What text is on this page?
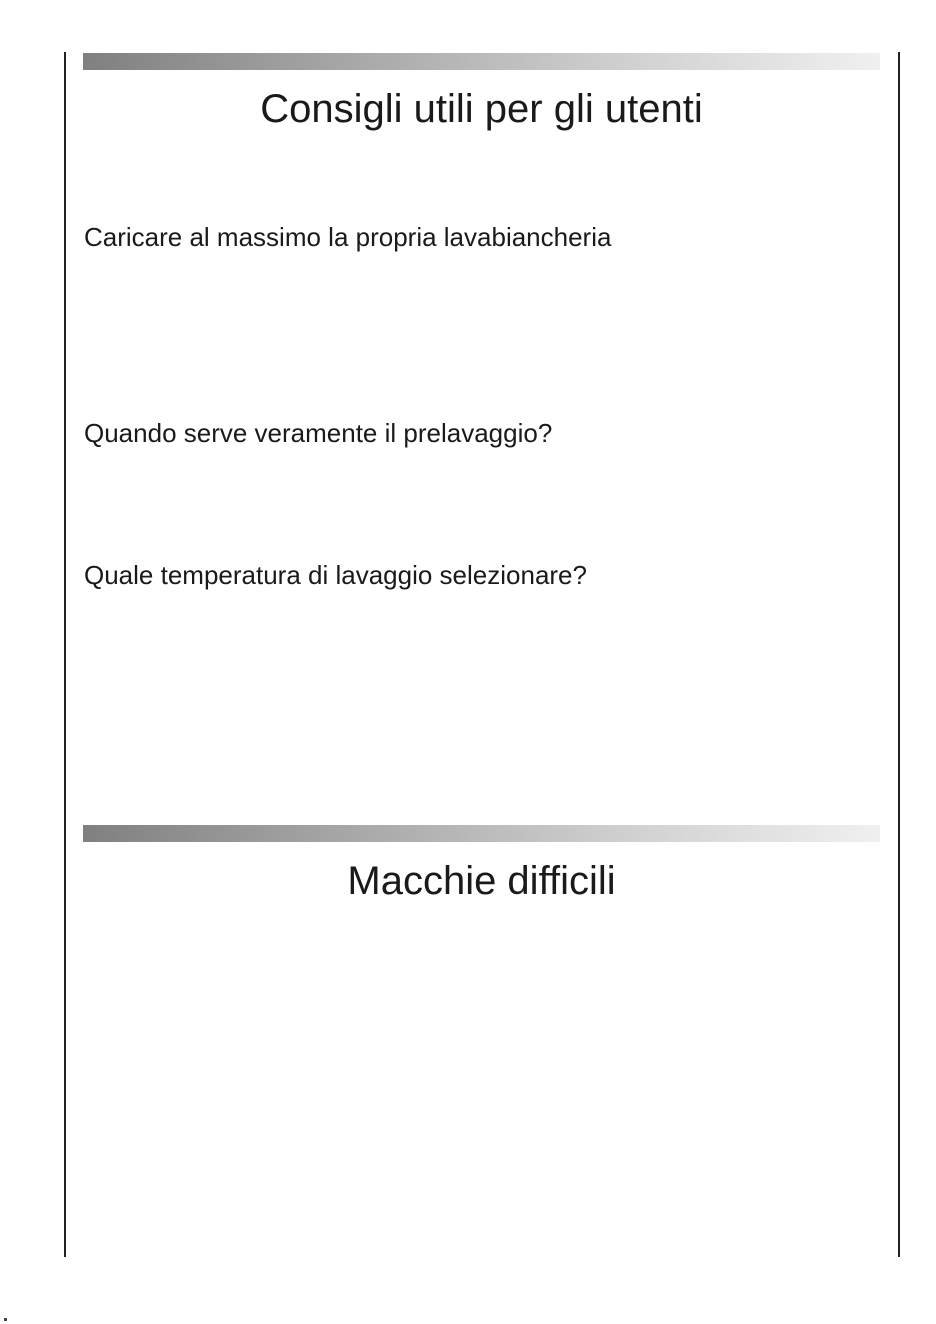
Consigli utili per gli utenti
Caricare al massimo la propria lavabiancheria
Quando serve veramente il prelavaggio?
Quale temperatura di lavaggio selezionare?
Macchie difficili
